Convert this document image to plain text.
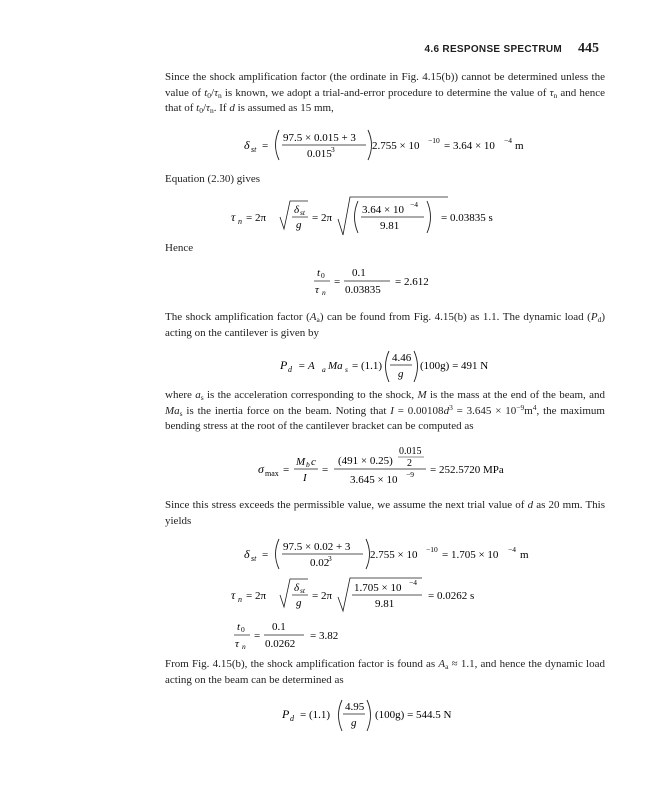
4.6 RESPONSE SPECTRUM 445
Since the shock amplification factor (the ordinate in Fig. 4.15(b)) cannot be determined unless the value of $t_0/\tau_n$ is known, we adopt a trial-and-error procedure to determine the value of $\tau_n$ and hence that of $t_0/\tau_n$. If d is assumed as 15 mm,
δ st =
97.5 × 0.015 + 3
0.015 3	2.755 × 10 −10 = 3.64 × 10 −4 m
Equation (2.30) gives
τ n = 2π
δ st
g
= 2π
3.64 × 10 −4
9.81
= 0.03835 s
Hence
t 0
τ n
=
0.1
0.03835
= 2.612
The shock amplification factor $(A_a)$ can be found from Fig. 4.15(b) as 1.1. The dynamic load $(P_d)$ acting on the cantilever is given by
P d = A a Ma s = (1.1)
4.46
g
(100g) = 491 N
where $a_s$ is the acceleration corresponding to the shock, M is the mass at the end of the beam, and $Ma_s$ is the inertia force on the beam. Noting that $I = 0.00108d^3 = 3.645 \times 10^{-9}m^4$, the maximum bending stress at the root of the cantilever bracket can be computed as
σ max =
M b c
I
=
(491 × 0.25)
0.015
2
3.645 × 10 −9 = 252.5720 MPa
Since this stress exceeds the permissible value, we assume the next trial value of d as 20 mm. This yields
δ st =
97.5 × 0.02 + 3
0.02
3	2.755 × 10 −10 = 1.705 × 10 −4 m
τ n = 2π
δ st
g
= 2π
1.705 × 10 −4
9.81
= 0.0262 s
t 0
τ n
=
0.1
0.0262
= 3.82
From Fig. 4.15(b), the shock amplification factor is found as $A_a \approx 1.1$, and hence the dynamic load acting on the beam can be determined as
P d = (1.1)
4.95
g
(100g) = 544.5 N
